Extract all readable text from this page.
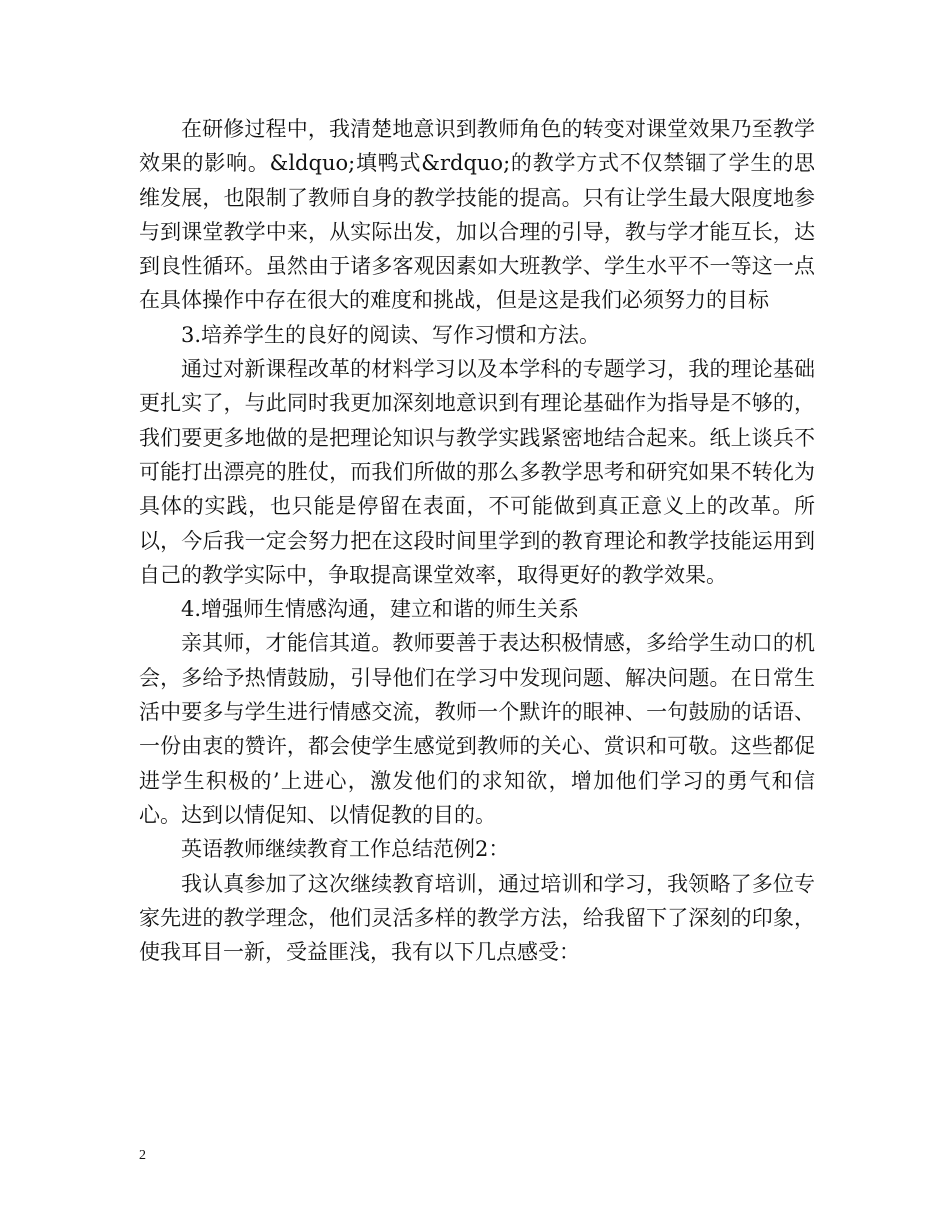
在研修过程中，我清楚地意识到教师角色的转变对课堂效果乃至教学效果的影响。&ldquo;填鸭式&rdquo;的教学方式不仅禁锢了学生的思维发展，也限制了教师自身的教学技能的提高。只有让学生最大限度地参与到课堂教学中来，从实际出发，加以合理的引导，教与学才能互长，达到良性循环。虽然由于诸多客观因素如大班教学、学生水平不一等这一点在具体操作中存在很大的难度和挑战，但是这是我们必须努力的目标

3.培养学生的良好的阅读、写作习惯和方法。

通过对新课程改革的材料学习以及本学科的专题学习，我的理论基础更扎实了，与此同时我更加深刻地意识到有理论基础作为指导是不够的，我们要更多地做的是把理论知识与教学实践紧密地结合起来。纸上谈兵不可能打出漂亮的胜仗，而我们所做的那么多教学思考和研究如果不转化为具体的实践，也只能是停留在表面，不可能做到真正意义上的改革。所以，今后我一定会努力把在这段时间里学到的教育理论和教学技能运用到自己的教学实际中，争取提高课堂效率，取得更好的教学效果。

4.增强师生情感沟通，建立和谐的师生关系

亲其师，才能信其道。教师要善于表达积极情感，多给学生动口的机会，多给予热情鼓励，引导他们在学习中发现问题、解决问题。在日常生活中要多与学生进行情感交流，教师一个默许的眼神、一句鼓励的话语、一份由衷的赞许，都会使学生感觉到教师的关心、赏识和可敬。这些都促进学生积极的’上进心，激发他们的求知欲，增加他们学习的勇气和信心。达到以情促知、以情促教的目的。

英语教师继续教育工作总结范例2：

我认真参加了这次继续教育培训，通过培训和学习，我领略了多位专家先进的教学理念，他们灵活多样的教学方法，给我留下了深刻的印象，使我耳目一新，受益匪浅，我有以下几点感受：

2
